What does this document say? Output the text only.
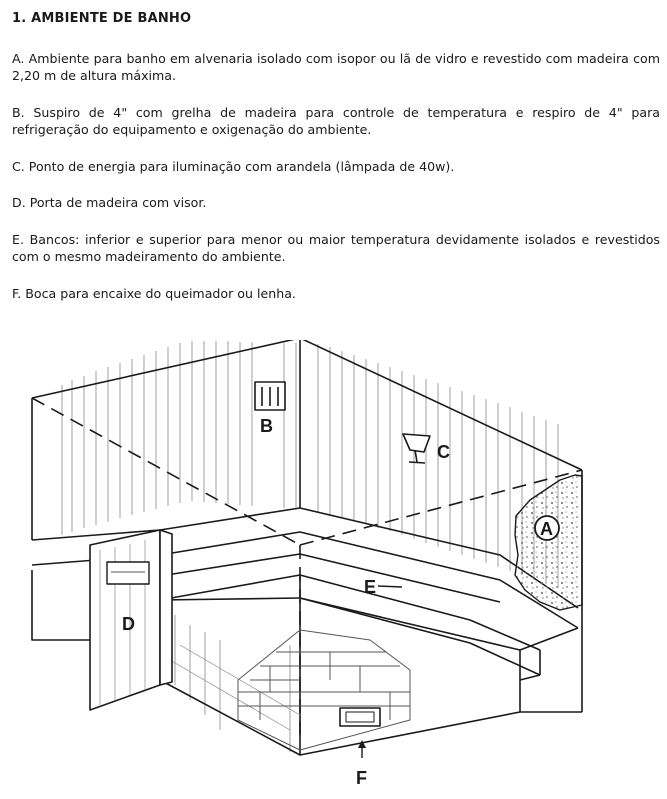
1. AMBIENTE DE BANHO
A. Ambiente para banho em alvenaria isolado com isopor ou lã de vidro e revestido com madeira com 2,20 m de altura máxima.
B. Suspiro de 4" com grelha de madeira para controle de temperatura e respiro de 4" para refrigeração do equipamento e oxigenação do ambiente.
C. Ponto de energia para iluminação com arandela (lâmpada de 40w).
D. Porta de madeira com visor.
E. Bancos: inferior e superior para menor ou maior temperatura devidamente isolados e revestidos com o mesmo madeiramento do ambiente.
F. Boca para encaixe do queimador ou lenha.
B
C
A
D
E
F
